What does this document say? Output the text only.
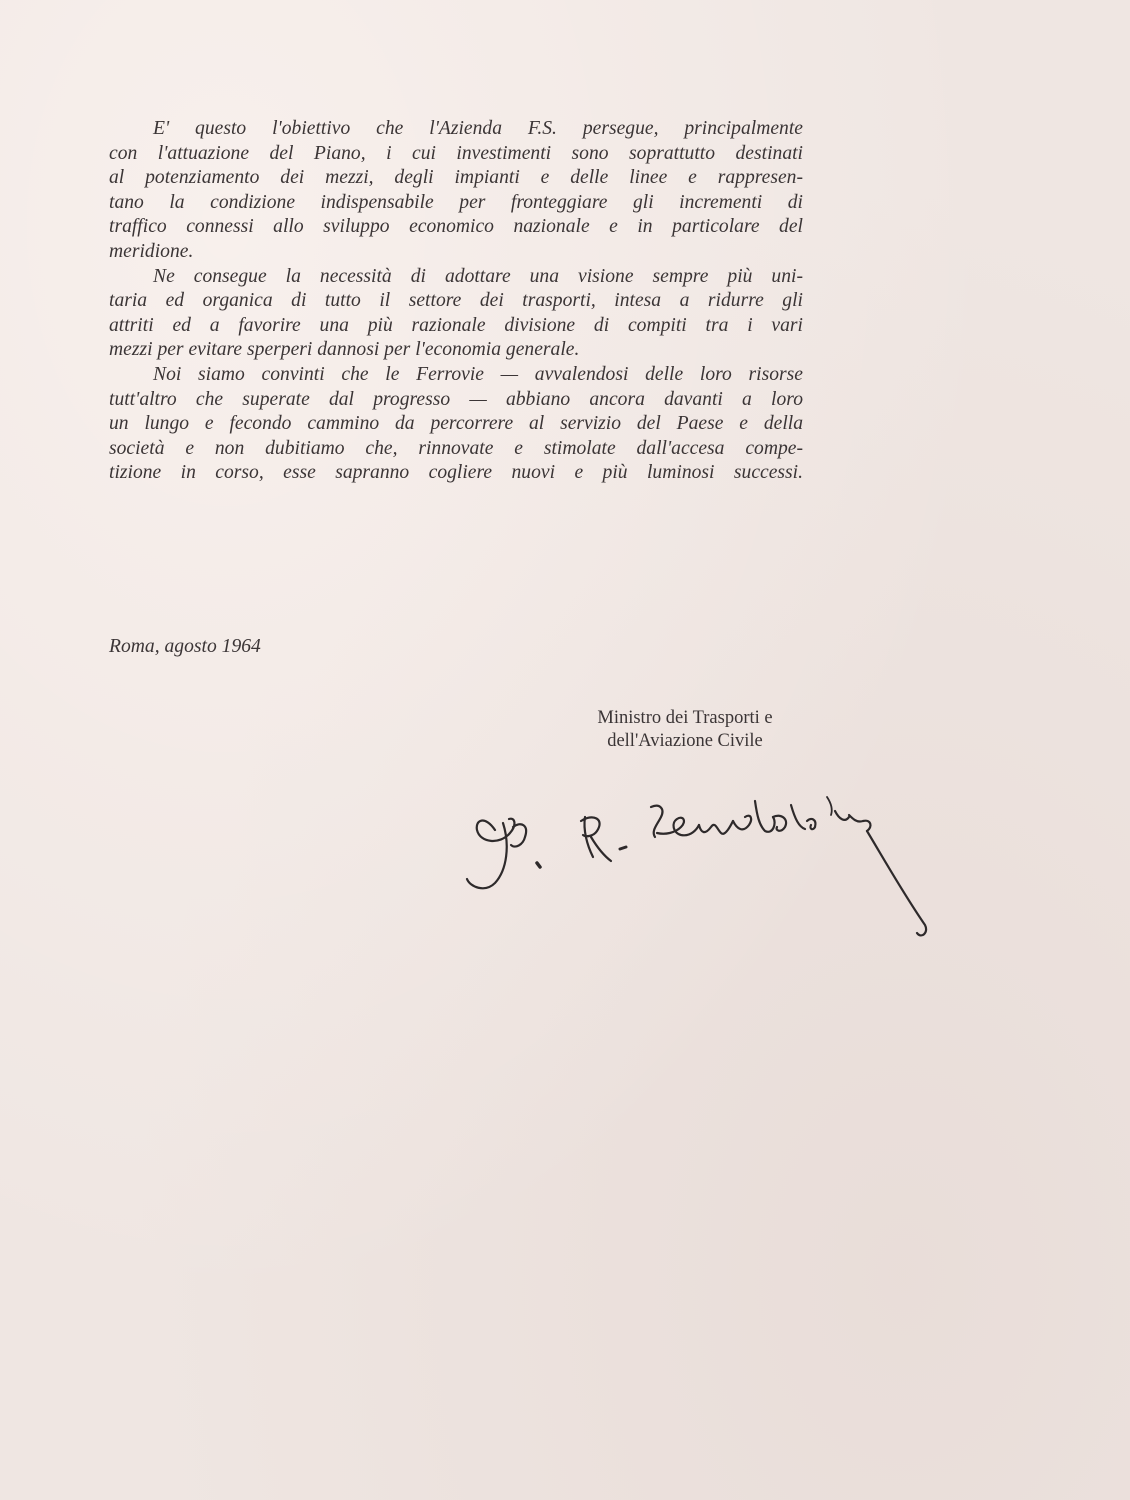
E' questo l'obiettivo che l'Azienda F.S. persegue, principalmente
con l'attuazione del Piano, i cui investimenti sono soprattutto destinati
al potenziamento dei mezzi, degli impianti e delle linee e rappresen-
tano la condizione indispensabile per fronteggiare gli incrementi di
traffico connessi allo sviluppo economico nazionale e in particolare del
meridione.
Ne consegue la necessità di adottare una visione sempre più uni-
taria ed organica di tutto il settore dei trasporti, intesa a ridurre gli
attriti ed a favorire una più razionale divisione di compiti tra i vari
mezzi per evitare sperperi dannosi per l'economia generale.
Noi siamo convinti che le Ferrovie — avvalendosi delle loro risorse
tutt'altro che superate dal progresso — abbiano ancora davanti a loro
un lungo e fecondo cammino da percorrere al servizio del Paese e della
società e non dubitiamo che, rinnovate e stimolate dall'accesa compe-
tizione in corso, esse sapranno cogliere nuovi e più luminosi successi.
Roma, agosto 1964
Ministro dei Trasporti e
dell'Aviazione Civile
